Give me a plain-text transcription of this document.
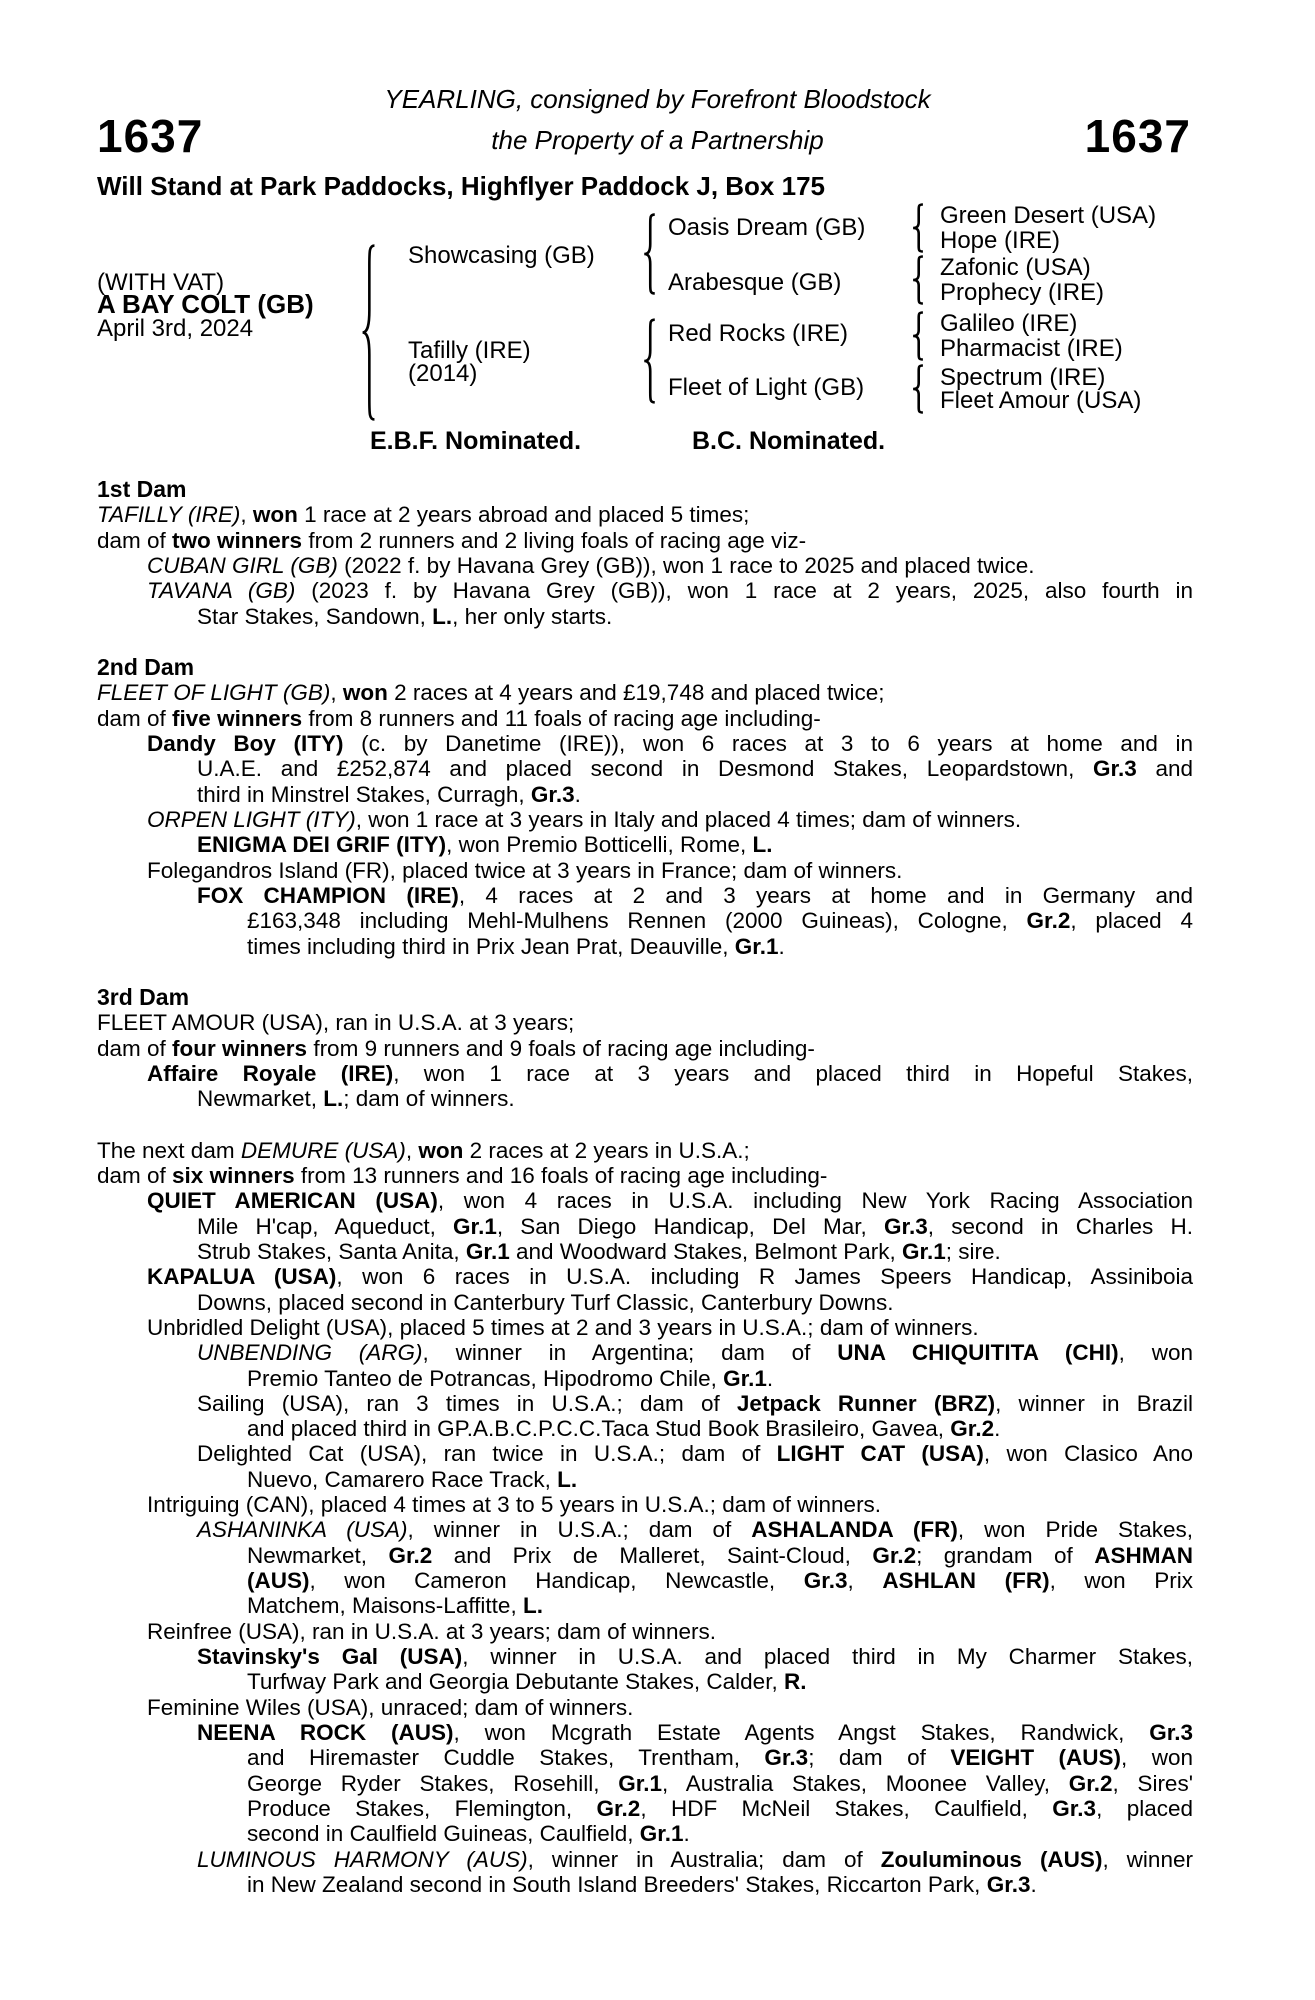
YEARLING, consigned by Forefront Bloodstock
the Property of a Partnership
1637	1637
Will Stand at Park Paddocks, Highflyer Paddock J, Box 175
(WITH VAT)
A BAY COLT (GB)
April 3rd, 2024
Showcasing (GB)
Tafilly (IRE)
(2014)
Oasis Dream (GB)
Arabesque (GB)
Red Rocks (IRE)
Fleet of Light (GB)
Green Desert (USA)
Hope (IRE)
Zafonic (USA)
Prophecy (IRE)
Galileo (IRE)
Pharmacist (IRE)
Spectrum (IRE)
Fleet Amour (USA)
E.B.F. Nominated.	B.C. Nominated.
1st Dam
TAFILLY (IRE), won 1 race at 2 years abroad and placed 5 times;
dam of two winners from 2 runners and 2 living foals of racing age viz-
CUBAN GIRL (GB) (2022 f. by Havana Grey (GB)), won 1 race to 2025 and placed twice.
TAVANA (GB) (2023 f. by Havana Grey (GB)), won 1 race at 2 years, 2025, also fourth in
Star Stakes, Sandown, L., her only starts.
2nd Dam
FLEET OF LIGHT (GB), won 2 races at 4 years and £19,748 and placed twice;
dam of five winners from 8 runners and 11 foals of racing age including-
Dandy Boy (ITY) (c. by Danetime (IRE)), won 6 races at 3 to 6 years at home and in
U.A.E. and £252,874 and placed second in Desmond Stakes, Leopardstown, Gr.3 and
third in Minstrel Stakes, Curragh, Gr.3.
ORPEN LIGHT (ITY), won 1 race at 3 years in Italy and placed 4 times; dam of winners.
ENIGMA DEI GRIF (ITY), won Premio Botticelli, Rome, L.
Folegandros Island (FR), placed twice at 3 years in France; dam of winners.
FOX CHAMPION (IRE), 4 races at 2 and 3 years at home and in Germany and
£163,348 including Mehl-Mulhens Rennen (2000 Guineas), Cologne, Gr.2, placed 4
times including third in Prix Jean Prat, Deauville, Gr.1.
3rd Dam
FLEET AMOUR (USA), ran in U.S.A. at 3 years;
dam of four winners from 9 runners and 9 foals of racing age including-
Affaire Royale (IRE), won 1 race at 3 years and placed third in Hopeful Stakes,
Newmarket, L.; dam of winners.
The next dam DEMURE (USA), won 2 races at 2 years in U.S.A.;
dam of six winners from 13 runners and 16 foals of racing age including-
QUIET AMERICAN (USA), won 4 races in U.S.A. including New York Racing Association
Mile H'cap, Aqueduct, Gr.1, San Diego Handicap, Del Mar, Gr.3, second in Charles H.
Strub Stakes, Santa Anita, Gr.1 and Woodward Stakes, Belmont Park, Gr.1; sire.
KAPALUA (USA), won 6 races in U.S.A. including R James Speers Handicap, Assiniboia
Downs, placed second in Canterbury Turf Classic, Canterbury Downs.
Unbridled Delight (USA), placed 5 times at 2 and 3 years in U.S.A.; dam of winners.
UNBENDING (ARG), winner in Argentina; dam of UNA CHIQUITITA (CHI), won
Premio Tanteo de Potrancas, Hipodromo Chile, Gr.1.
Sailing (USA), ran 3 times in U.S.A.; dam of Jetpack Runner (BRZ), winner in Brazil
and placed third in GP.A.B.C.P.C.C.Taca Stud Book Brasileiro, Gavea, Gr.2.
Delighted Cat (USA), ran twice in U.S.A.; dam of LIGHT CAT (USA), won Clasico Ano
Nuevo, Camarero Race Track, L.
Intriguing (CAN), placed 4 times at 3 to 5 years in U.S.A.; dam of winners.
ASHANINKA (USA), winner in U.S.A.; dam of ASHALANDA (FR), won Pride Stakes,
Newmarket, Gr.2 and Prix de Malleret, Saint-Cloud, Gr.2; grandam of ASHMAN
(AUS), won Cameron Handicap, Newcastle, Gr.3, ASHLAN (FR), won Prix
Matchem, Maisons-Laffitte, L.
Reinfree (USA), ran in U.S.A. at 3 years; dam of winners.
Stavinsky's Gal (USA), winner in U.S.A. and placed third in My Charmer Stakes,
Turfway Park and Georgia Debutante Stakes, Calder, R.
Feminine Wiles (USA), unraced; dam of winners.
NEENA ROCK (AUS), won Mcgrath Estate Agents Angst Stakes, Randwick, Gr.3
and Hiremaster Cuddle Stakes, Trentham, Gr.3; dam of VEIGHT (AUS), won
George Ryder Stakes, Rosehill, Gr.1, Australia Stakes, Moonee Valley, Gr.2, Sires'
Produce Stakes, Flemington, Gr.2, HDF McNeil Stakes, Caulfield, Gr.3, placed
second in Caulfield Guineas, Caulfield, Gr.1.
LUMINOUS HARMONY (AUS), winner in Australia; dam of Zouluminous (AUS), winner
in New Zealand second in South Island Breeders' Stakes, Riccarton Park, Gr.3.
